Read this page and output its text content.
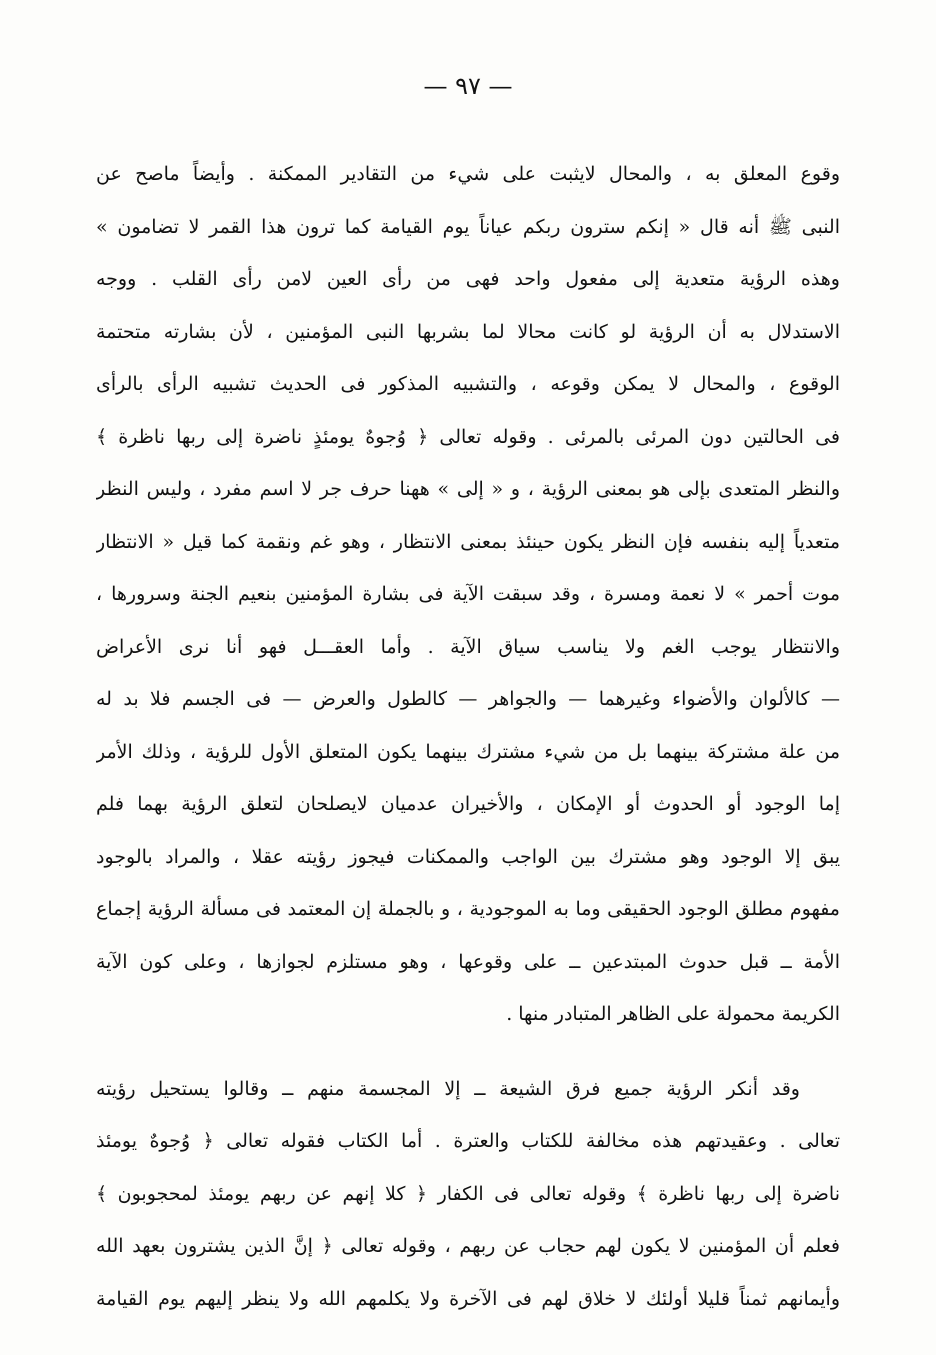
— ٩٧ —
وقوع المعلق به ، والمحال لايثبت على شيء من التقادير الممكنة . وأيضاً ماصح عن
النبى ﷺ أنه قال « إنكم سترون ربكم عياناً يوم القيامة كما ترون هذا القمر لا تضامون »
وهذه الرؤية متعدية إلى مفعول واحد فهى من رأى العين لامن رأى القلب . ووجه
الاستدلال به أن الرؤية لو كانت محالا لما بشربها النبى المؤمنين ، لأن بشارته متحتمة
الوقوع ، والمحال لا يمكن وقوعه ، والتشبيه المذكور فى الحديث تشبيه الرأى بالرأى
فى الحالتين دون المرئى بالمرئى . وقوله تعالى ﴿ وُجوهٌ يومئذٍ ناضرة إلى ربها ناظرة ﴾
والنظر المتعدى بإلى هو بمعنى الرؤية ، و « إلى » ههنا حرف جر لا اسم مفرد ، وليس النظر
متعدياً إليه بنفسه فإن النظر يكون حينئذ بمعنى الانتظار ، وهو غم ونقمة كما قيل « الانتظار
موت أحمر » لا نعمة ومسرة ، وقد سبقت الآية فى بشارة المؤمنين بنعيم الجنة وسرورها ،
والانتظار يوجب الغم ولا يناسب سياق الآية . وأما العقـــل فهو أنا نرى الأعراض
— كالألوان والأضواء وغيرهما — والجواهر — كالطول والعرض — فى الجسم فلا بد له
من علة مشتركة بينهما بل من شيء مشترك بينهما يكون المتعلق الأول للرؤية ، وذلك الأمر
إما الوجود أو الحدوث أو الإمكان ، والأخيران عدميان لايصلحان لتعلق الرؤية بهما فلم
يبق إلا الوجود وهو مشترك بين الواجب والممكنات فيجوز رؤيته عقلا ، والمراد بالوجود
مفهوم مطلق الوجود الحقيقى وما به الموجودية ، و بالجملة إن المعتمد فى مسألة الرؤية إجماع
الأمة ــ قبل حدوث المبتدعين ــ على وقوعها ، وهو مستلزم لجوازها ، وعلى كون الآية
الكريمة محمولة على الظاهر المتبادر منها .
وقد أنكر الرؤية جميع فرق الشيعة ــ إلا المجسمة منهم ــ وقالوا يستحيل رؤيته
تعالى . وعقيدتهم هذه مخالفة للكتاب والعترة . أما الكتاب فقوله تعالى ﴿ وُجوهٌ يومئذ
ناضرة إلى ربها ناظرة ﴾ وقوله تعالى فى الكفار ﴿ كلا إنهم عن ربهم يومئذ لمحجوبون ﴾
فعلم أن المؤمنين لا يكون لهم حجاب عن ربهم ، وقوله تعالى ﴿ إنَّ الذين يشترون بعهد الله
وأيمانهم ثمناً قليلا أولئك لا خلاق لهم فى الآخرة ولا يكلمهم الله ولا ينظر إليهم يوم القيامة
